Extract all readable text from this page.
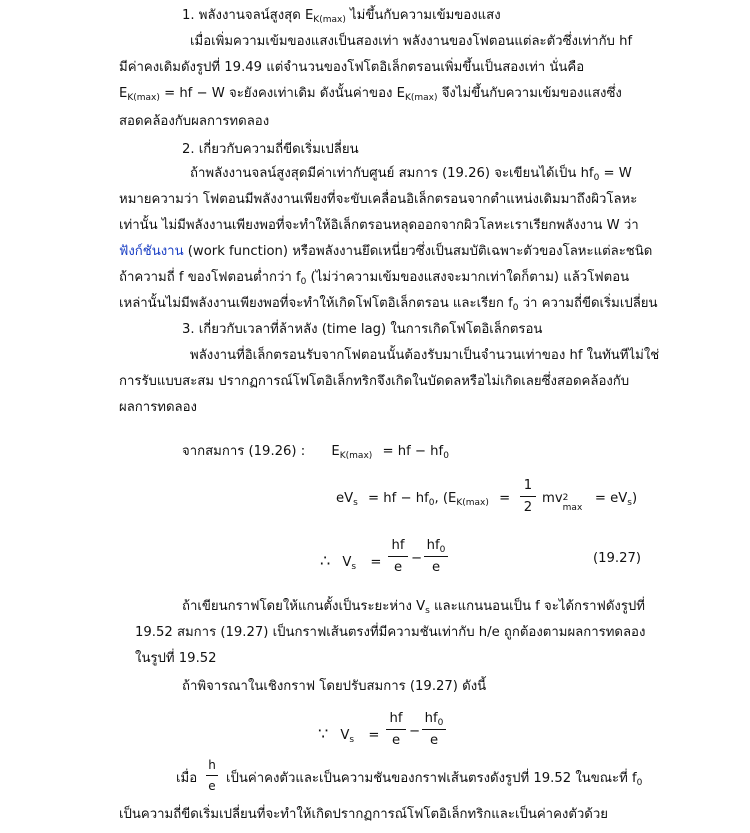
1. พลังงานจลน์สูงสุด $E_{K(max)}$ ไม่ขึ้นกับความเข้มของแสง
เมื่อเพิ่มความเข้มของแสงเป็นสองเท่า พลังงานของโฟตอนแต่ละตัวซึ่งเท่ากับ hf
มีค่าคงเดิมดังรูปที่ 19.49 แต่จำนวนของโฟโตอิเล็กตรอนเพิ่มขึ้นเป็นสองเท่า นั่นคือ
$E_{K(max)}$ = hf − W จะยังคงเท่าเดิม ดังนั้นค่าของ $E_{K(max)}$ จึงไม่ขึ้นกับความเข้มของแสงซึ่ง
สอดคล้องกับผลการทดลอง
2. เกี่ยวกับความถี่ขีดเริ่มเปลี่ยน
ถ้าพลังงานจลน์สูงสุดมีค่าเท่ากับศูนย์ สมการ (19.26) จะเขียนได้เป็น $hf_0 = W$
หมายความว่า โฟตอนมีพลังงานเพียงที่จะขับเคลื่อนอิเล็กตรอนจากตำแหน่งเดิมมาถึงผิวโลหะ
เท่านั้น ไม่มีพลังงานเพียงพอที่จะทำให้อิเล็กตรอนหลุดออกจากผิวโลหะเราเรียกพลังงาน W ว่า
ฟังก์ชันงาน (work function) หรือพลังงานยึดเหนี่ยวซึ่งเป็นสมบัติเฉพาะตัวของโลหะแต่ละชนิด
ถ้าความถี่ f ของโฟตอนต่ำกว่า $f_0$ (ไม่ว่าความเข้มของแสงจะมากเท่าใดก็ตาม) แล้วโฟตอน
เหล่านั้นไม่มีพลังงานเพียงพอที่จะทำให้เกิดโฟโตอิเล็กตรอน และเรียก $f_0$ ว่า ความถี่ขีดเริ่มเปลี่ยน
3. เกี่ยวกับเวลาที่ล้าหลัง (time lag) ในการเกิดโฟโตอิเล็กตรอน
พลังงานที่อิเล็กตรอนรับจากโฟตอนนั้นต้องรับมาเป็นจำนวนเท่าของ hf ในทันทีไม่ใช่
การรับแบบสะสม ปรากฏการณ์โฟโตอิเล็กทริกจึงเกิดในบัดดลหรือไม่เกิดเลยซึ่งสอดคล้องกับ
ผลการทดลอง
จากสมการ (19.26) : $E_{K(max)}$ = hf − $hf_0$
$eV_s$ = hf − $hf_0$, ($E_{K(max)}$ =
1
2
mv 2
max
= $eV_s$)
∴ $V_s$ =
hf
e
−
$hf_0$
e
(19.27)
ถ้าเขียนกราฟโดยให้แกนตั้งเป็นระยะห่าง $V_s$ และแกนนอนเป็น f จะได้กราฟดังรูปที่
19.52 สมการ (19.27) เป็นกราฟเส้นตรงที่มีความชันเท่ากับ h/e ถูกต้องตามผลการทดลอง
ในรูปที่ 19.52
ถ้าพิจารณาในเชิงกราฟ โดยปรับสมการ (19.27) ดังนี้
∵ $V_s$ =
hf
e
−
$hf_0$
e
เมื่อ
h
e เป็นค่าคงตัวและเป็นความชันของกราฟเส้นตรงดังรูปที่ 19.52 ในขณะที่ $f_0$
เป็นความถี่ขีดเริ่มเปลี่ยนที่จะทำให้เกิดปรากฏการณ์โฟโตอิเล็กทริกและเป็นค่าคงตัวด้วย
